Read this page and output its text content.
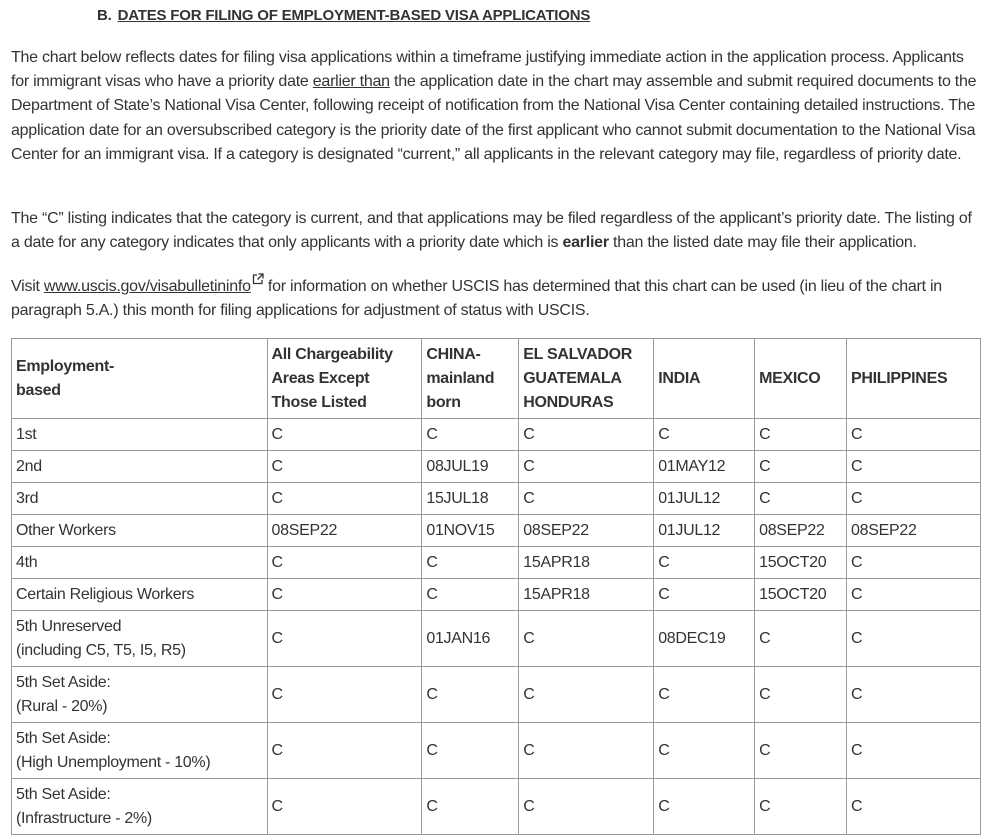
B. DATES FOR FILING OF EMPLOYMENT-BASED VISA APPLICATIONS

The chart below reflects dates for filing visa applications within a timeframe justifying immediate action in the application process. Applicants for immigrant visas who have a priority date earlier than the application date in the chart may assemble and submit required documents to the Department of State’s National Visa Center, following receipt of notification from the National Visa Center containing detailed instructions. The application date for an oversubscribed category is the priority date of the first applicant who cannot submit documentation to the National Visa Center for an immigrant visa. If a category is designated “current,” all applicants in the relevant category may file, regardless of priority date.

The “C” listing indicates that the category is current, and that applications may be filed regardless of the applicant’s priority date. The listing of a date for any category indicates that only applicants with a priority date which is earlier than the listed date may file their application.

Visit www.uscis.gov/visabulletininfo for information on whether USCIS has determined that this chart can be used (in lieu of the chart in paragraph 5.A.) this month for filing applications for adjustment of status with USCIS.

Employment-
based	All Chargeability
Areas Except
Those Listed	CHINA-
mainland
born	EL SALVADOR
GUATEMALA
HONDURAS	INDIA	MEXICO	PHILIPPINES
1st	C	C	C	C	C	C
2nd	C	08JUL19	C	01MAY12	C	C
3rd	C	15JUL18	C	01JUL12	C	C
Other Workers	08SEP22	01NOV15	08SEP22	01JUL12	08SEP22	08SEP22
4th	C	C	15APR18	C	15OCT20	C
Certain Religious Workers	C	C	15APR18	C	15OCT20	C
5th Unreserved
(including C5, T5, I5, R5)	C	01JAN16	C	08DEC19	C	C
5th Set Aside:
(Rural - 20%)	C	C	C	C	C	C
5th Set Aside:
(High Unemployment - 10%)	C	C	C	C	C	C
5th Set Aside:
(Infrastructure - 2%)	C	C	C	C	C	C
